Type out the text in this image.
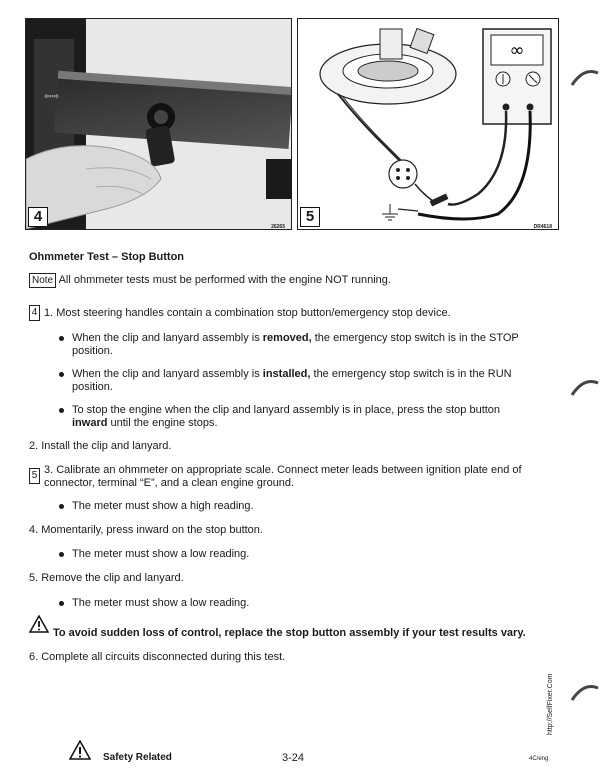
⇦⇨
4
26265
∞
5
DR4618
Ohmmeter Test – Stop Button
Note All ohmmeter tests must be performed with the engine NOT running.
4 1. Most steering handles contain a combination stop button/emergency stop device.
When the clip and lanyard assembly is removed, the emergency stop switch is in the STOP
position.
When the clip and lanyard assembly is installed, the emergency stop switch is in the RUN
position.
To stop the engine when the clip and lanyard assembly is in place, press the stop button
inward until the engine stops.
2. Install the clip and lanyard.
5 3. Calibrate an ohmmeter on appropriate scale. Connect meter leads between ignition plate end of
connector, terminal “E”, and a clean engine ground.
The meter must show a high reading.
4. Momentarily, press inward on the stop button.
The meter must show a low reading.
5. Remove the clip and lanyard.
The meter must show a low reading.
To avoid sudden loss of control, replace the stop button assembly if your test results vary.
6. Complete all circuits disconnected during this test.
Safety Related	3-24	4C/eng
http://SelfFixer.Com
